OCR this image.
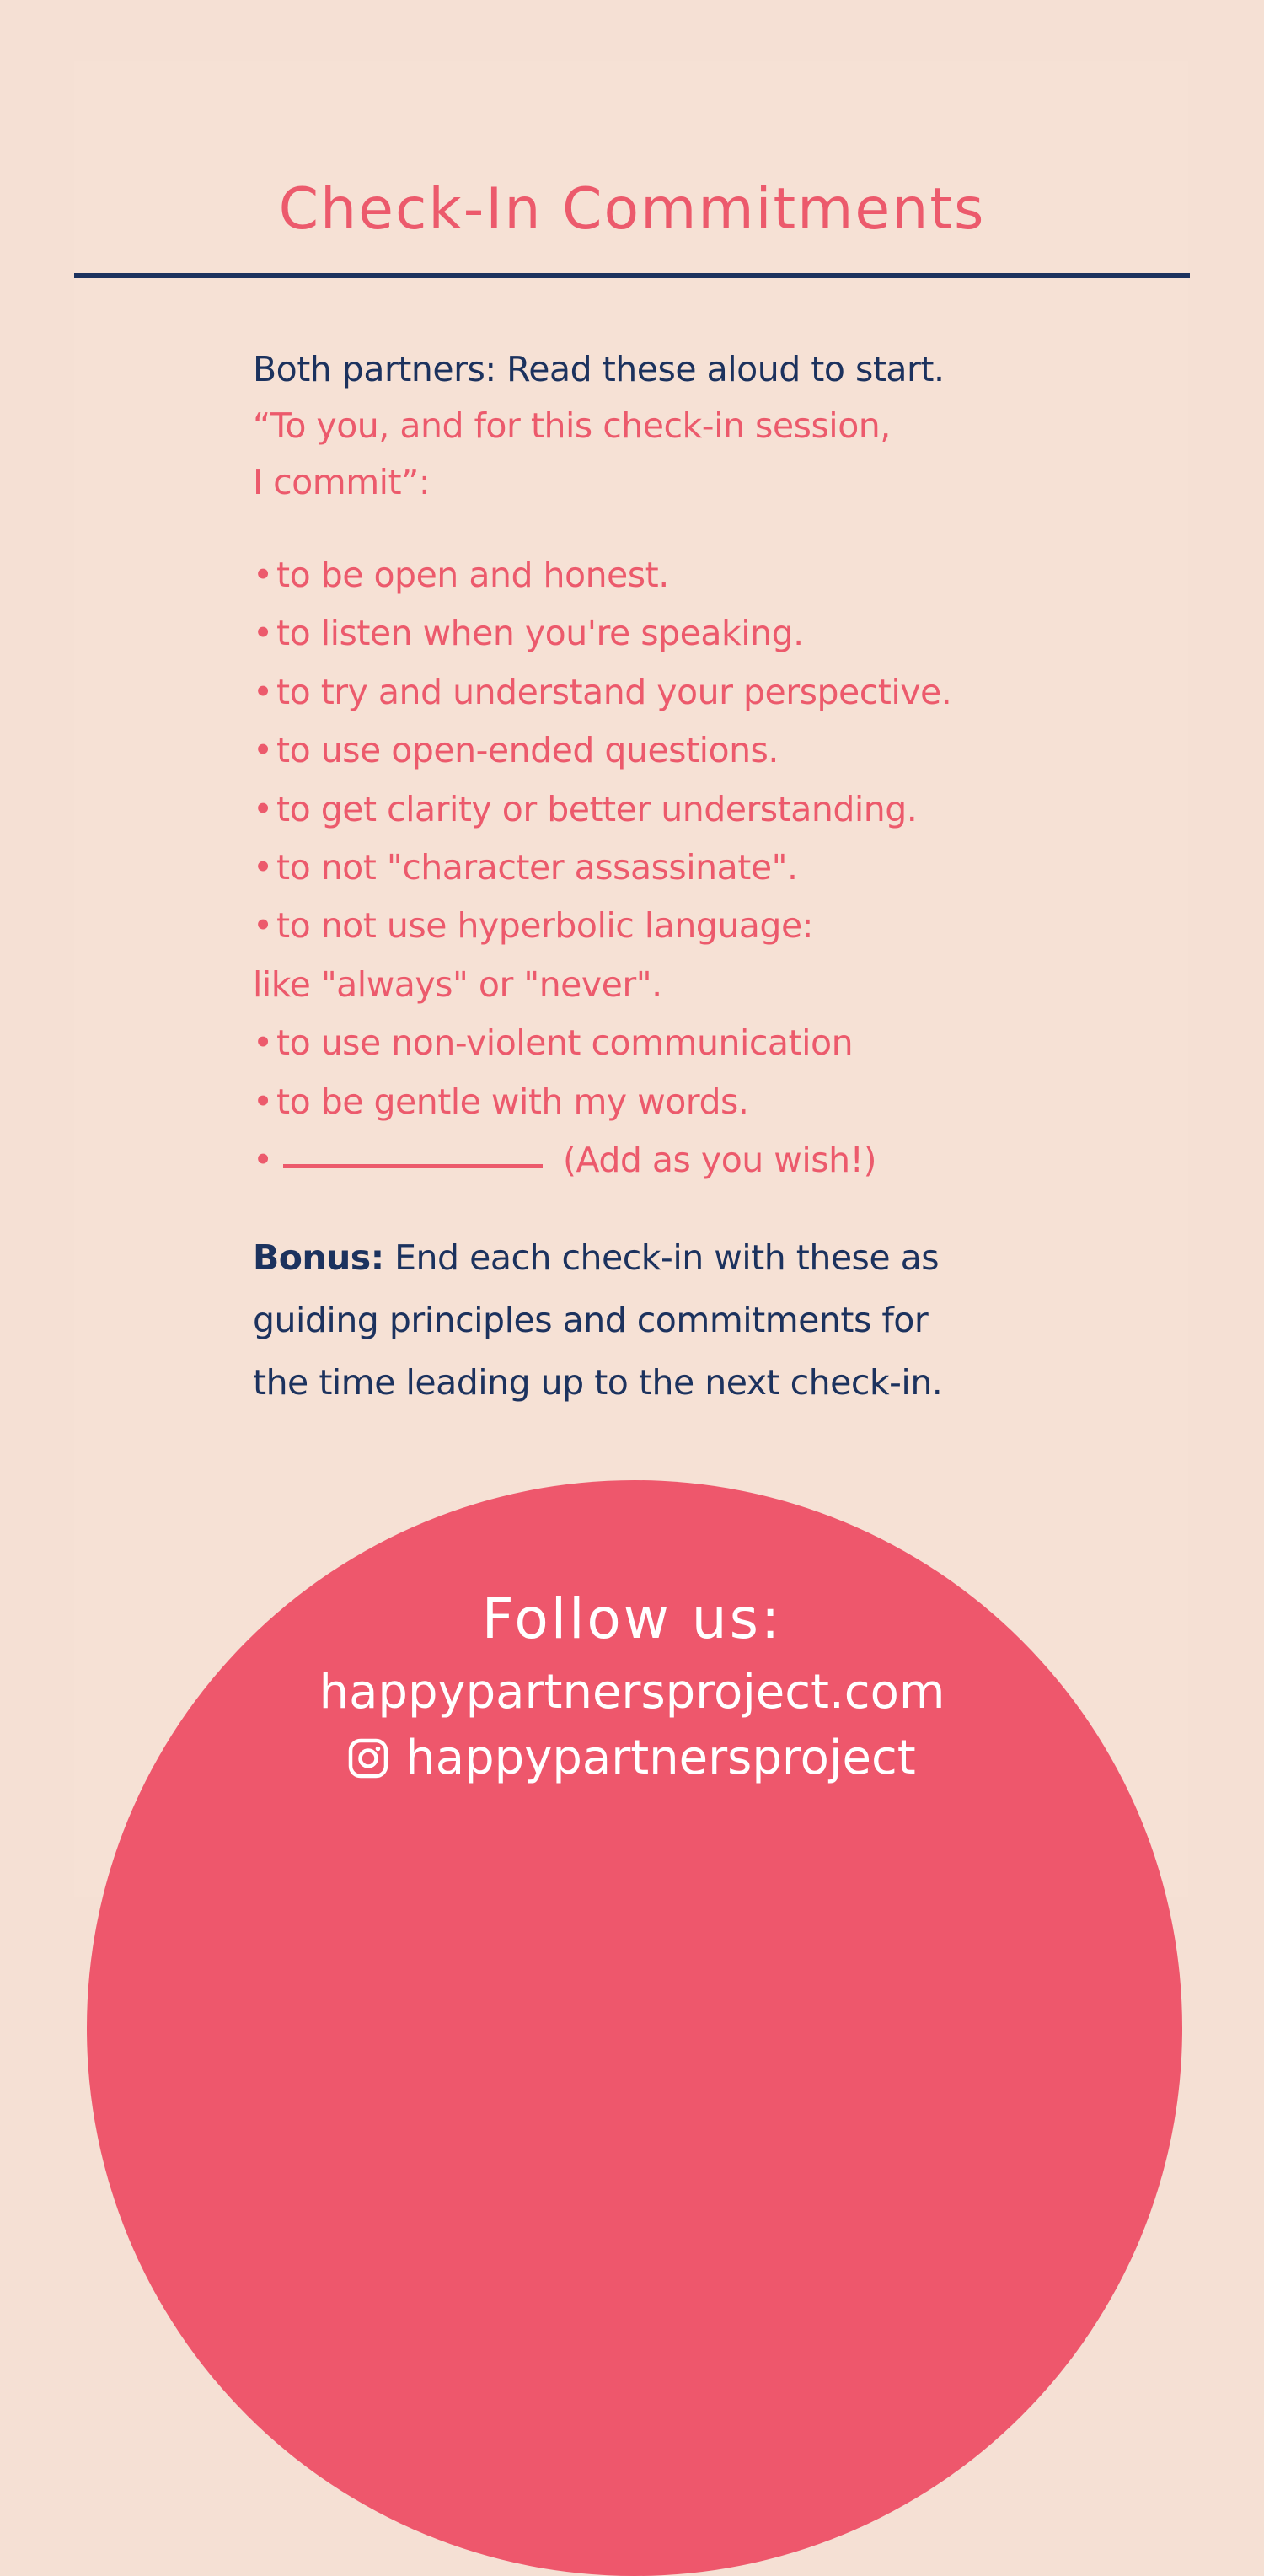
Check-In Commitments

Both partners: Read these aloud to start.

“To you, and for this check-in session,

I commit”:

• to be open and honest.
• to listen when you're speaking.
• to try and understand your perspective.
• to use open-ended questions.
• to get clarity or better understanding.
• to not "character assassinate".
• to not use hyperbolic language:
like "always" or "never".
• to use non-violent communication
• to be gentle with my words.
•	(Add as you wish!)

Bonus: End each check-in with these as
guiding principles and commitments for
the time leading up to the next check-in.

Follow us:

happypartnersproject.com

happypartnersproject
